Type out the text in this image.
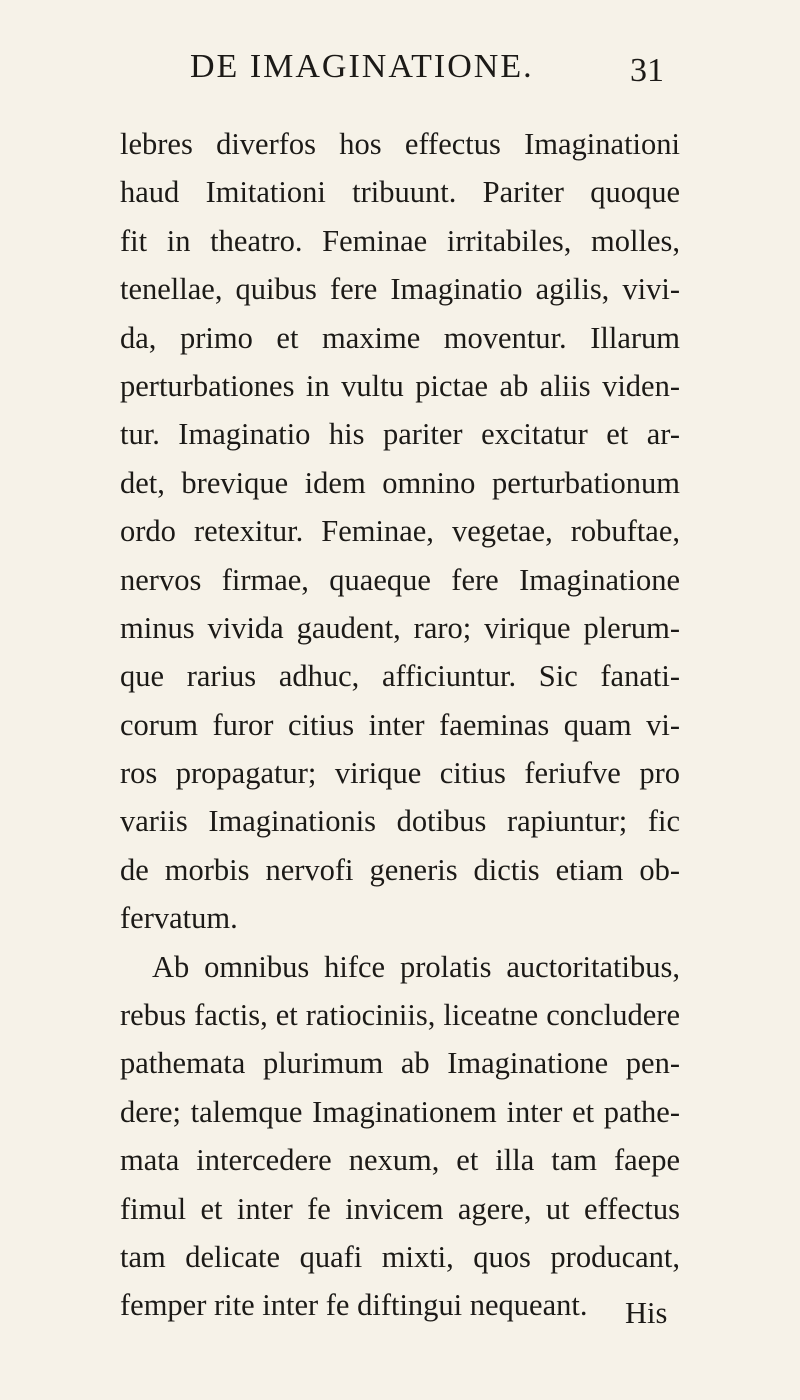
DE IMAGINATIONE.	31
lebres diverfos hos effectus Imaginationi
haud Imitationi tribuunt. Pariter quoque
fit in theatro. Feminae irritabiles, molles,
tenellae, quibus fere Imaginatio agilis, vivi-
da, primo et maxime moventur. Illarum
perturbationes in vultu pictae ab aliis viden-
tur. Imaginatio his pariter excitatur et ar-
det, brevique idem omnino perturbationum
ordo retexitur. Feminae, vegetae, robuftae,
nervos firmae, quaeque fere Imaginatione
minus vivida gaudent, raro; virique plerum-
que rarius adhuc, afficiuntur. Sic fanati-
corum furor citius inter faeminas quam vi-
ros propagatur; virique citius feriufve pro
variis Imaginationis dotibus rapiuntur; fic
de morbis nervofi generis dictis etiam ob-
fervatum.
Ab omnibus hifce prolatis auctoritatibus,
rebus factis, et ratiociniis, liceatne concludere
pathemata plurimum ab Imaginatione pen-
dere; talemque Imaginationem inter et pathe-
mata intercedere nexum, et illa tam faepe
fimul et inter fe invicem agere, ut effectus
tam delicate quafi mixti, quos producant,
femper rite inter fe diftingui nequeant.	His
